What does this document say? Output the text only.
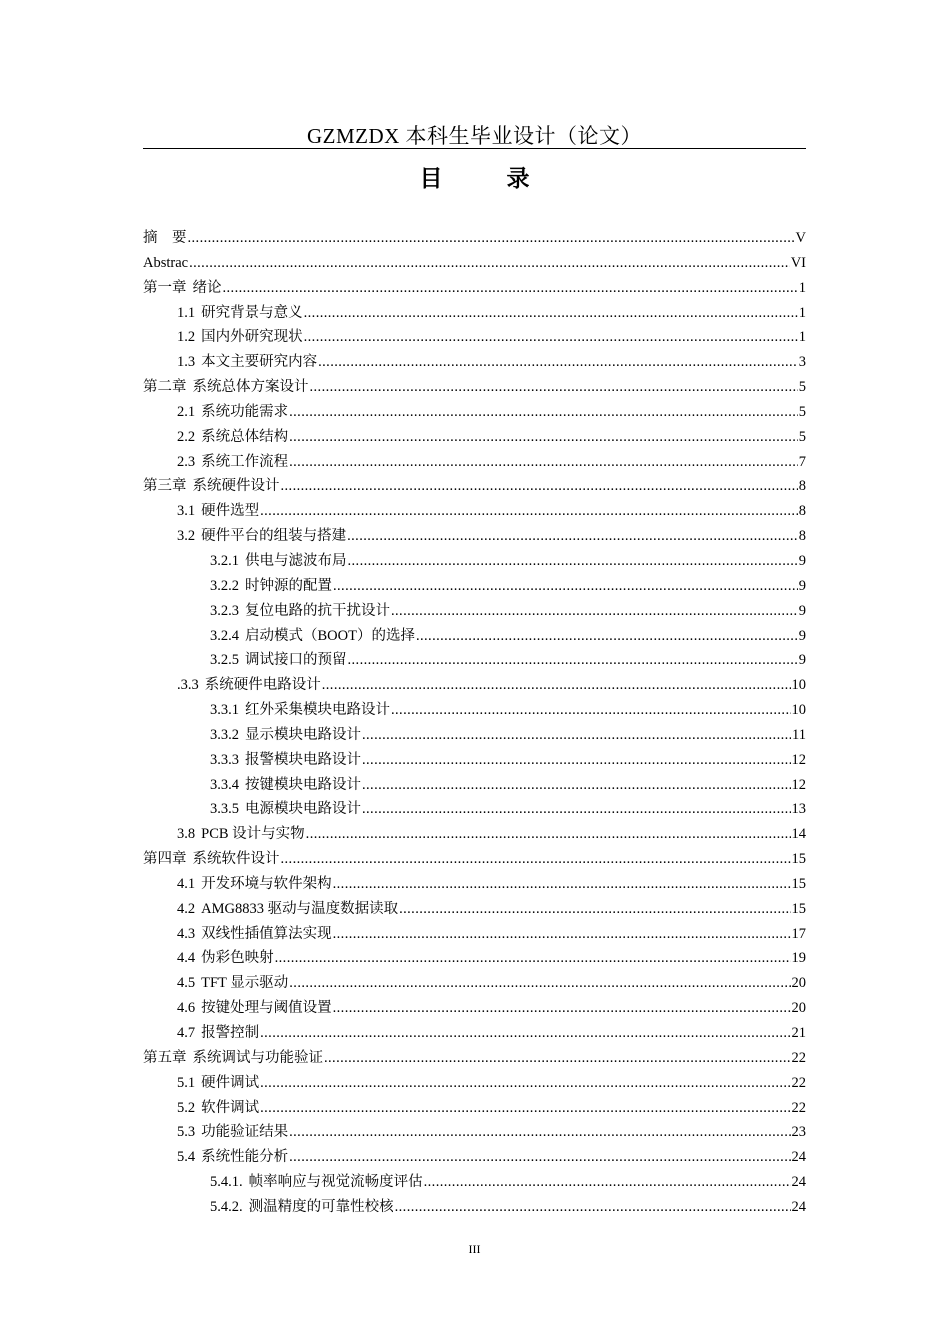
GZMZDX 本科生毕业设计（论文）
目 录
摘　要 .....	V
Abstrac .....	VI
第一章 绪论 .....	1
1.1 研究背景与意义 .....	1
1.2 国内外研究现状 .....	1
1.3 本文主要研究内容 .....	3
第二章 系统总体方案设计 .....	5
2.1 系统功能需求 .....	5
2.2 系统总体结构 .....	5
2.3 系统工作流程 .....	7
第三章 系统硬件设计 .....	8
3.1 硬件选型 .....	8
3.2 硬件平台的组装与搭建 .....	8
3.2.1 供电与滤波布局 .....	9
3.2.2 时钟源的配置 .....	9
3.2.3 复位电路的抗干扰设计 .....	9
3.2.4 启动模式（BOOT）的选择 .....	9
3.2.5 调试接口的预留 .....	9
.3.3 系统硬件电路设计 .....	10
3.3.1 红外采集模块电路设计 .....	10
3.3.2 显示模块电路设计 .....	11
3.3.3 报警模块电路设计 .....	12
3.3.4 按键模块电路设计 .....	12
3.3.5 电源模块电路设计 .....	13
3.8 PCB 设计与实物 .....	14
第四章 系统软件设计 .....	15
4.1 开发环境与软件架构 .....	15
4.2 AMG8833 驱动与温度数据读取 .....	15
4.3 双线性插值算法实现 .....	17
4.4 伪彩色映射 .....	19
4.5 TFT 显示驱动 .....	20
4.6 按键处理与阈值设置 .....	20
4.7 报警控制 .....	21
第五章 系统调试与功能验证 .....	22
5.1 硬件调试 .....	22
5.2 软件调试 .....	22
5.3 功能验证结果 .....	23
5.4 系统性能分析 .....	24
5.4.1. 帧率响应与视觉流畅度评估 .....	24
5.4.2. 测温精度的可靠性校核 .....	24
III
